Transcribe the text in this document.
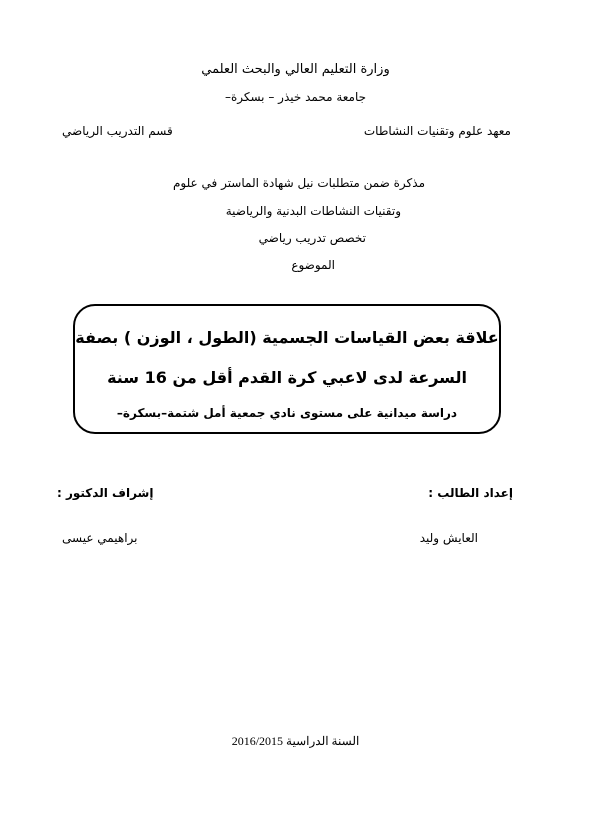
وزارة التعليم العالي والبحث العلمي
جامعة محمد خيذر – بسكرة–
معهد علوم وتقنيات النشاطات
قسم التدريب الرياضي
مذكرة ضمن متطلبات نيل شهادة الماستر في علوم
وتقنيات النشاطات البدنية والرياضية
تخصص تدريب رياضي
الموضوع
علاقة بعض القياسات الجسمية (الطول ، الوزن ) بصفة
السرعة لدى لاعبي كرة القدم أقل من 16 سنة
دراسة ميدانية على مستوى نادي جمعية أمل شتمة–بسكرة–
إعداد الطالب :
إشراف الدكتور :
العايش وليد
براهيمي عيسى
السنة الدراسية 2016/2015
